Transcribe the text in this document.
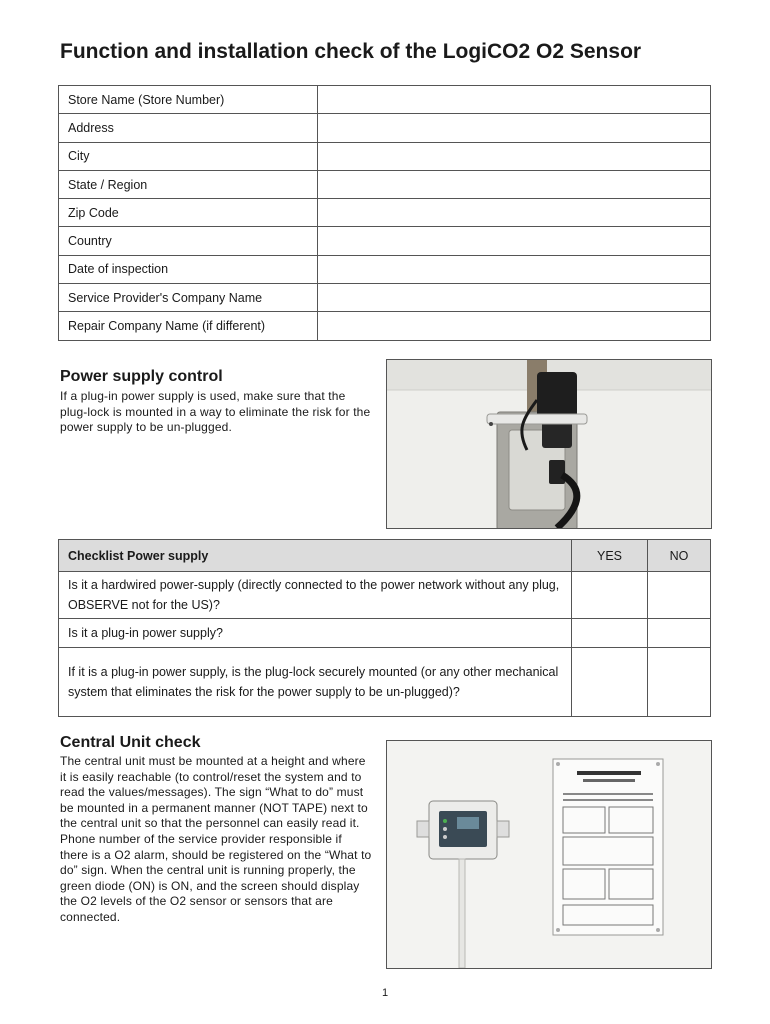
Function and installation check of the LogiCO2 O2 Sensor
Store Name (Store Number)	
Address	
City	
State / Region	
Zip Code	
Country	
Date of inspection	
Service Provider's Company Name	
Repair Company Name (if different)	
Power supply control
If a plug-in power supply is used, make sure that the plug-lock is mounted in a way to eliminate the risk for the power supply to be un-plugged.
Checklist Power supply	YES	NO
Is it a hardwired power-supply (directly connected to the power network without any plug, OBSERVE not for the US)?		
Is it a plug-in power supply?		
If it is a plug-in power supply, is the plug-lock securely mounted (or any other mechanical system that eliminates the risk for the power supply to be un-plugged)?		
Central Unit check
The central unit must be mounted at a height and where it is easily reachable (to control/reset the system and to read the values/messages). The sign “What to do” must be mounted in a permanent manner (NOT TAPE) next to the central unit so that the personnel can easily read it. Phone number of the service provider responsible if there is a O2 alarm, should be registered on the “What to do” sign. When the central unit is running properly, the green diode (ON) is ON, and the screen should display the O2 levels of the O2 sensor or sensors that are connected.
1
